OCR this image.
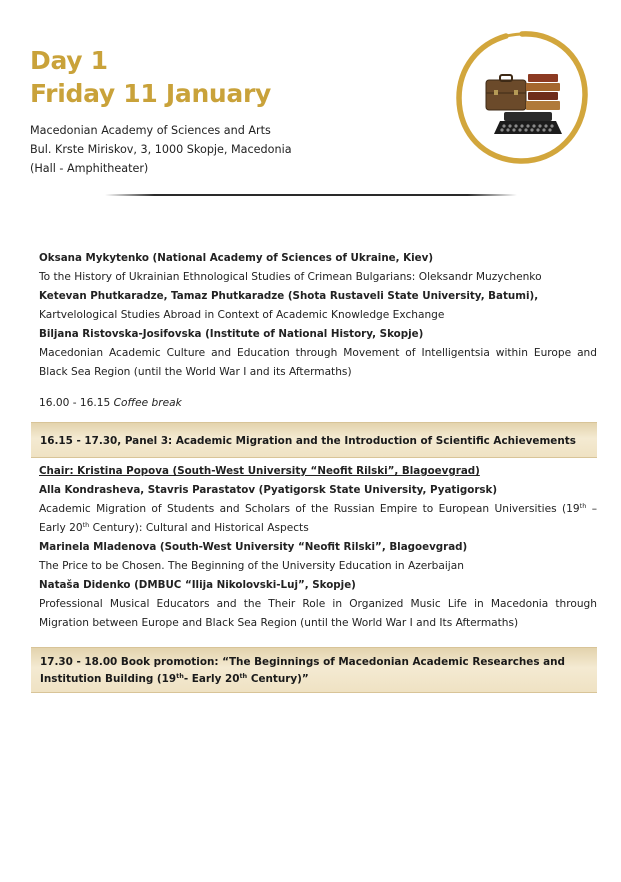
Day 1
Friday 11 January
Macedonian Academy of Sciences and Arts
Bul. Krste Miriskov, 3, 1000 Skopje, Macedonia
(Hall - Amphitheater)
Oksana Mykytenko (National Academy of Sciences of Ukraine, Kiev)
To the History of Ukrainian Ethnological Studies of Crimean Bulgarians: Oleksandr Muzychenko
Ketevan Phutkaradze, Tamaz Phutkaradze (Shota Rustaveli State University, Batumi),
Kartvelological Studies Abroad in Context of Academic Knowledge Exchange
Biljana Ristovska-Josifovska (Institute of National History, Skopje)
Macedonian Academic Culture and Education through Movement of Intelligentsia within Europe and Black Sea Region (until the World War I and its Aftermaths)
16.00 - 16.15 Coffee break
16.15 - 17.30, Panel 3: Academic Migration and the Introduction of Scientific Achievements
Chair: Kristina Popova (South-West University “Neofit Rilski”, Blagoevgrad)
Alla Kondrasheva, Stavris Parastatov (Pyatigorsk State University, Pyatigorsk)
Academic Migration of Students and Scholars of the Russian Empire to European Universities (19th – Early 20th Century): Cultural and Historical Aspects
Marinela Mladenova (South-West University “Neofit Rilski”, Blagoevgrad)
The Price to be Chosen. The Beginning of the University Education in Azerbaijan
Nataša Didenko (DMBUC “Ilija Nikolovski-Luj”, Skopje)
Professional Musical Educators and the Their Role in Organized Music Life in Macedonia through Migration between Europe and Black Sea Region (until the World War I and Its Aftermaths)
17.30 - 18.00 Book promotion: “The Beginnings of Macedonian Academic Researches and Institution Building (19th- Early 20th Century)”
